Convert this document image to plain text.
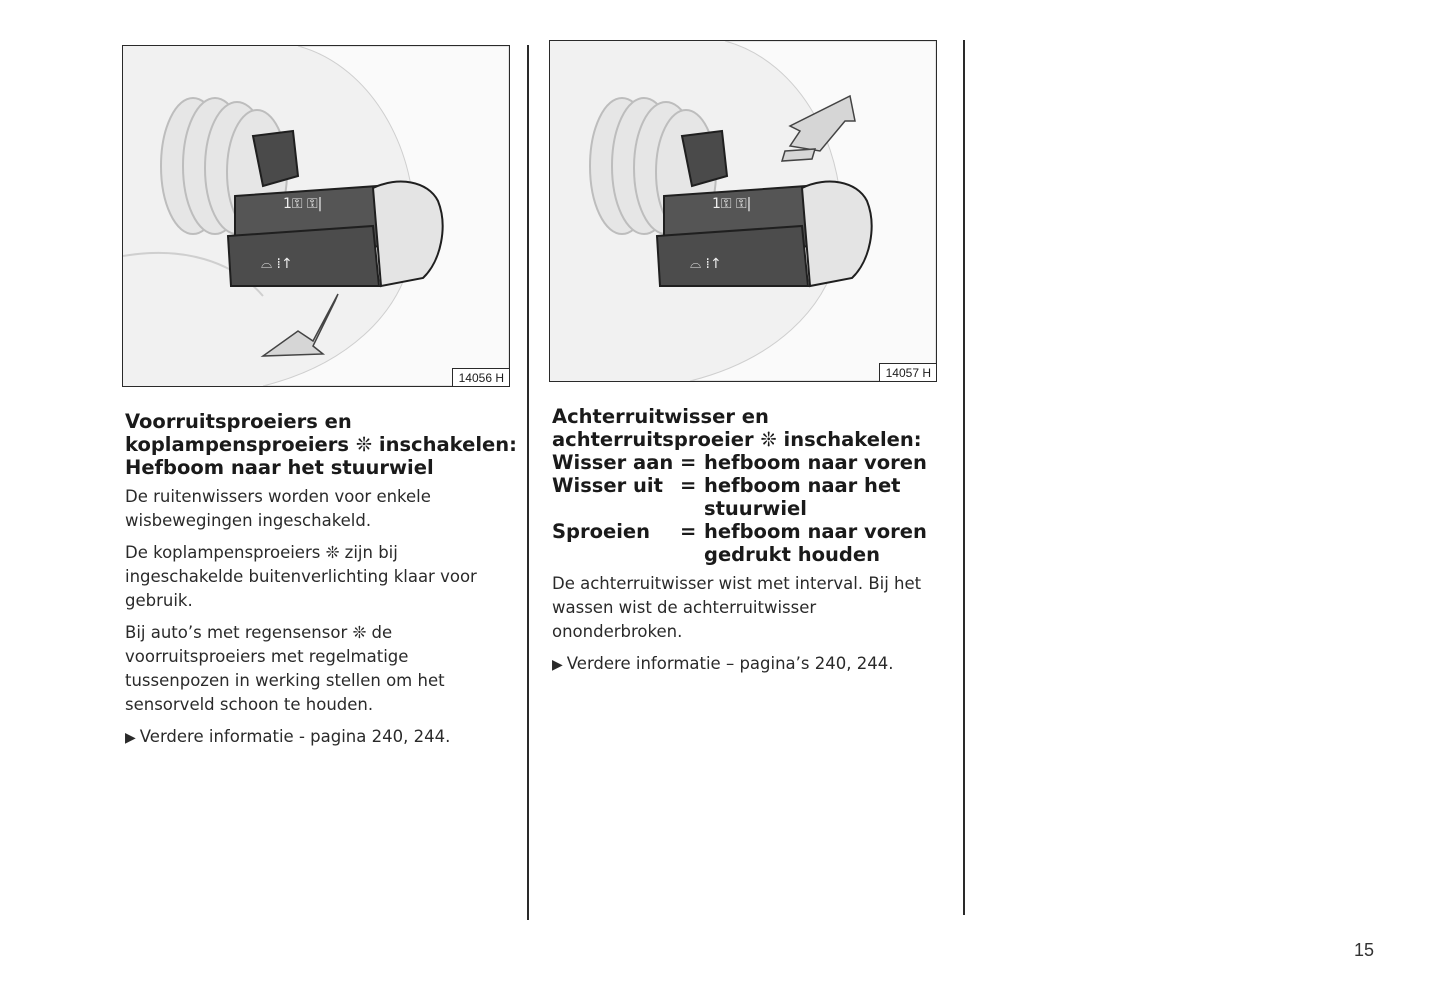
1⚿ ⚿|
⌓ ⁞↑
14056 H
1⚿ ⚿|
⌓ ⁞↑
14057 H
Voorruitsproeiers en
koplampensproeiers ❊ inschakelen:
Hefboom naar het stuurwiel

De ruitenwissers worden voor enkele wisbewegingen ingeschakeld.

De koplampensproeiers ❊ zijn bij ingeschakelde buitenverlichting klaar voor gebruik.

Bij auto’s met regensensor ❊ de voorruitsproeiers met regelmatige tussenpozen in werking stellen om het sensorveld schoon te houden.

▶ Verdere informatie - pagina 240, 244.

Achterruitwisser en
achterruitsproeier ❊ inschakelen:
Wisser aan = hefboom naar voren
Wisser uit = hefboom naar het stuurwiel
Sproeien	= hefboom naar voren gedrukt houden

De achterruitwisser wist met interval. Bij het wassen wist de achterruitwisser ononderbroken.

▶ Verdere informatie – pagina’s 240, 244.

15
